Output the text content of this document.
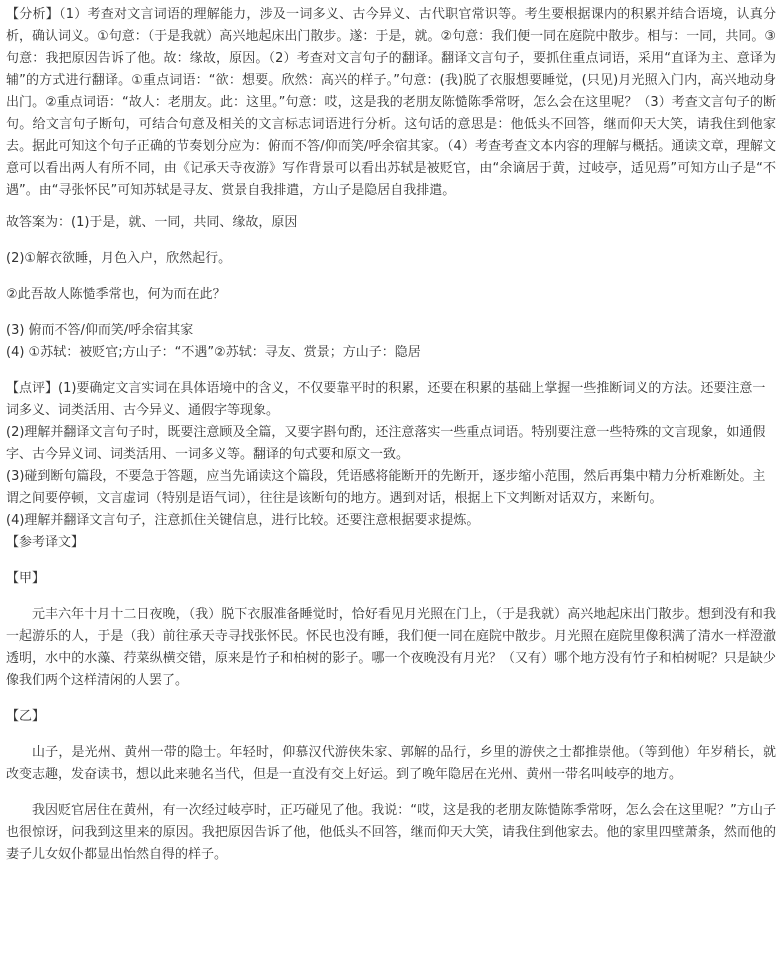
【分析】（1）考查对文言词语的理解能力，涉及一词多义、古今异义、古代职官常识等。考生要根据课内的积累并结合语境，认真分析，确认词义。①句意：（于是我就）高兴地起床出门散步。遂：于是，就。②句意：我们便一同在庭院中散步。相与：一同，共同。③句意：我把原因告诉了他。故：缘故，原因。（2）考查对文言句子的翻译。翻译文言句子，要抓住重点词语，采用“直译为主、意译为辅”的方式进行翻译。①重点词语：“欲：想要。欣然：高兴的样子。”句意：(我)脱了衣服想要睡觉，(只见)月光照入门内，高兴地动身出门。②重点词语：“故人：老朋友。此：这里。”句意：哎，这是我的老朋友陈慥陈季常呀，怎么会在这里呢？（3）考查文言句子的断句。给文言句子断句，可结合句意及相关的文言标志词语进行分析。这句话的意思是：他低头不回答，继而仰天大笑，请我住到他家去。据此可知这个句子正确的节奏划分应为：俯而不答/仰而笑/呼余宿其家。（4）考查考查文本内容的理解与概括。通读文章，理解文意可以看出两人有所不同，由《记承天寺夜游》写作背景可以看出苏轼是被贬官，由“余谪居于黄，过岐亭，适见焉”可知方山子是“不遇”。由“寻张怀民”可知苏轼是寻友、赏景自我排遣，方山子是隐居自我排遣。

故答案为：(1)于是，就、一同，共同、缘故，原因

(2)①解衣欲睡，月色入户，欣然起行。

②此吾故人陈慥季常也，何为而在此？

(3) 俯而不答/仰而笑/呼余宿其家

(4) ①苏轼：被贬官;方山子：“不遇”②苏轼：寻友、赏景；方山子：隐居

【点评】(1)要确定文言实词在具体语境中的含义，不仅要靠平时的积累，还要在积累的基础上掌握一些推断词义的方法。还要注意一词多义、词类活用、古今异义、通假字等现象。

(2)理解并翻译文言句子时，既要注意顾及全篇，又要字斟句酌，还注意落实一些重点词语。特别要注意一些特殊的文言现象，如通假字、古今异义词、词类活用、一词多义等。翻译的句式要和原文一致。

(3)碰到断句篇段，不要急于答题，应当先诵读这个篇段，凭语感将能断开的先断开，逐步缩小范围，然后再集中精力分析难断处。主谓之间要停顿，文言虚词（特别是语气词），往往是该断句的地方。遇到对话，根据上下文判断对话双方，来断句。

(4)理解并翻译文言句子，注意抓住关键信息，进行比较。还要注意根据要求提炼。

【参考译文】

【甲】

元丰六年十月十二日夜晚，（我）脱下衣服准备睡觉时，恰好看见月光照在门上，（于是我就）高兴地起床出门散步。想到没有和我一起游乐的人，于是（我）前往承天寺寻找张怀民。怀民也没有睡，我们便一同在庭院中散步。月光照在庭院里像积满了清水一样澄澈透明，水中的水藻、荇菜纵横交错，原来是竹子和柏树的影子。哪一个夜晚没有月光？（又有）哪个地方没有竹子和柏树呢？只是缺少像我们两个这样清闲的人罢了。

【乙】

山子，是光州、黄州一带的隐士。年轻时，仰慕汉代游侠朱家、郭解的品行，乡里的游侠之士都推崇他。（等到他）年岁稍长，就改变志趣，发奋读书，想以此来驰名当代，但是一直没有交上好运。到了晚年隐居在光州、黄州一带名叫岐亭的地方。

我因贬官居住在黄州，有一次经过岐亭时，正巧碰见了他。我说：“哎，这是我的老朋友陈慥陈季常呀，怎么会在这里呢？”方山子也很惊讶，问我到这里来的原因。我把原因告诉了他，他低头不回答，继而仰天大笑，请我住到他家去。他的家里四壁萧条，然而他的妻子儿女奴仆都显出怡然自得的样子。
